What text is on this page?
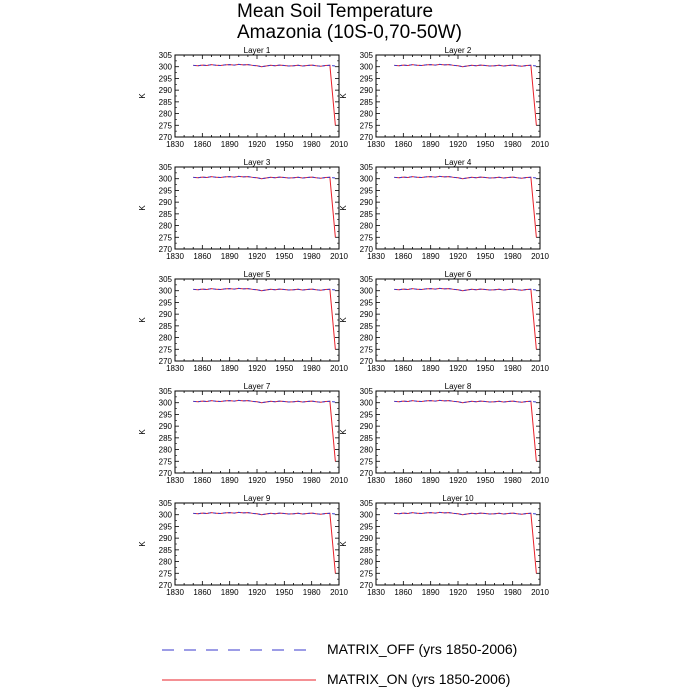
Mean Soil Temperature
Amazonia (10S-0,70-50W)
Layer 1
1830 1860 1890 1920 1950 1980 2010
270
275
280
285
290
295
300
305
K
Layer 2
1830 1860 1890 1920 1950 1980 2010
270
275
280
285
290
295
300
305
K
Layer 3
1830 1860 1890 1920 1950 1980 2010
270
275
280
285
290
295
300
305
K
Layer 4
1830 1860 1890 1920 1950 1980 2010
270
275
280
285
290
295
300
305
K
Layer 5
1830 1860 1890 1920 1950 1980 2010
270
275
280
285
290
295
300
305
K
Layer 6
1830 1860 1890 1920 1950 1980 2010
270
275
280
285
290
295
300
305
K
Layer 7
1830 1860 1890 1920 1950 1980 2010
270
275
280
285
290
295
300
305
K
Layer 8
1830 1860 1890 1920 1950 1980 2010
270
275
280
285
290
295
300
305
K
Layer 9
1830 1860 1890 1920 1950 1980 2010
270
275
280
285
290
295
300
305
K
Layer 10
1830 1860 1890 1920 1950 1980 2010
270
275
280
285
290
295
300
305
K
MATRIX_OFF (yrs 1850-2006)
MATRIX_ON (yrs 1850-2006)
